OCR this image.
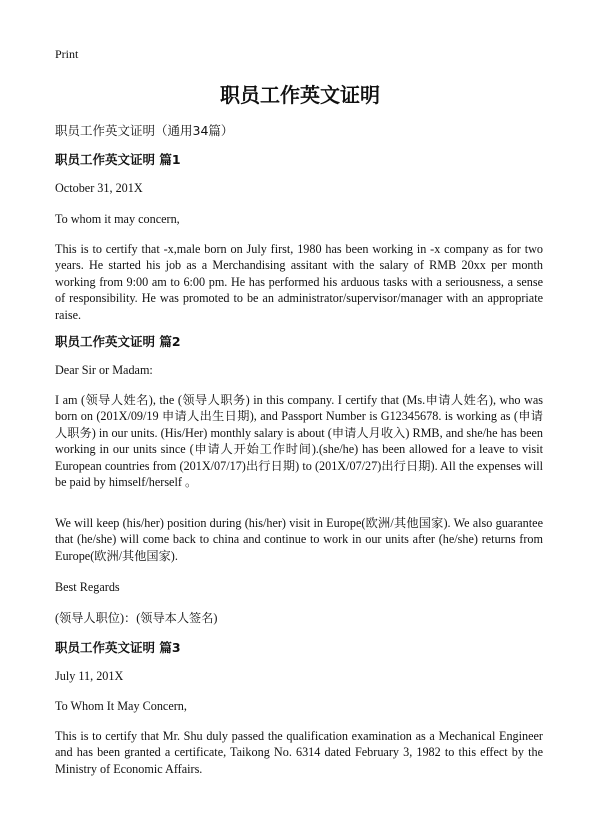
Print
职员工作英文证明
职员工作英文证明（通用34篇）
职员工作英文证明 篇1
October 31, 201X
To whom it may concern,

This is to certify that -x,male born on July first, 1980 has been working in -x company as for two years. He started his job as a Merchandising assitant with the salary of RMB 20xx per month working from 9:00 am to 6:00 pm. He has performed his arduous tasks with a seriousness, a sense of responsibility. He was promoted to be an administrator/supervisor/manager with an appropriate raise.

职员工作英文证明 篇2
Dear Sir or Madam:

I am (领导人姓名), the (领导人职务) in this company. I certify that (Ms.申请人姓名), who was born on (201X/09/19 申请人出生日期), and Passport Number is G12345678. is working as (申请人职务) in our units. (His/Her) monthly salary is about (申请人月收入) RMB, and she/he has been working in our units since (申请人开始工作时间).(she/he) has been allowed for a leave to visit European countries from (201X/07/17)出行日期) to (201X/07/27)出行日期). All the expenses will be paid by himself/herself 。

We will keep (his/her) position during (his/her) visit in Europe(欧洲/其他国家). We also guarantee that (he/she) will come back to china and continue to work in our units after (he/she) returns from Europe(欧洲/其他国家).

Best Regards
(领导人职位)：(领导本人签名)
职员工作英文证明 篇3
July 11, 201X
To Whom It May Concern,

This is to certify that Mr. Shu duly passed the qualification examination as a Mechanical Engineer and has been granted a certificate, Taikong No. 6314 dated February 3, 1982 to this effect by the Ministry of Economic Affairs.
